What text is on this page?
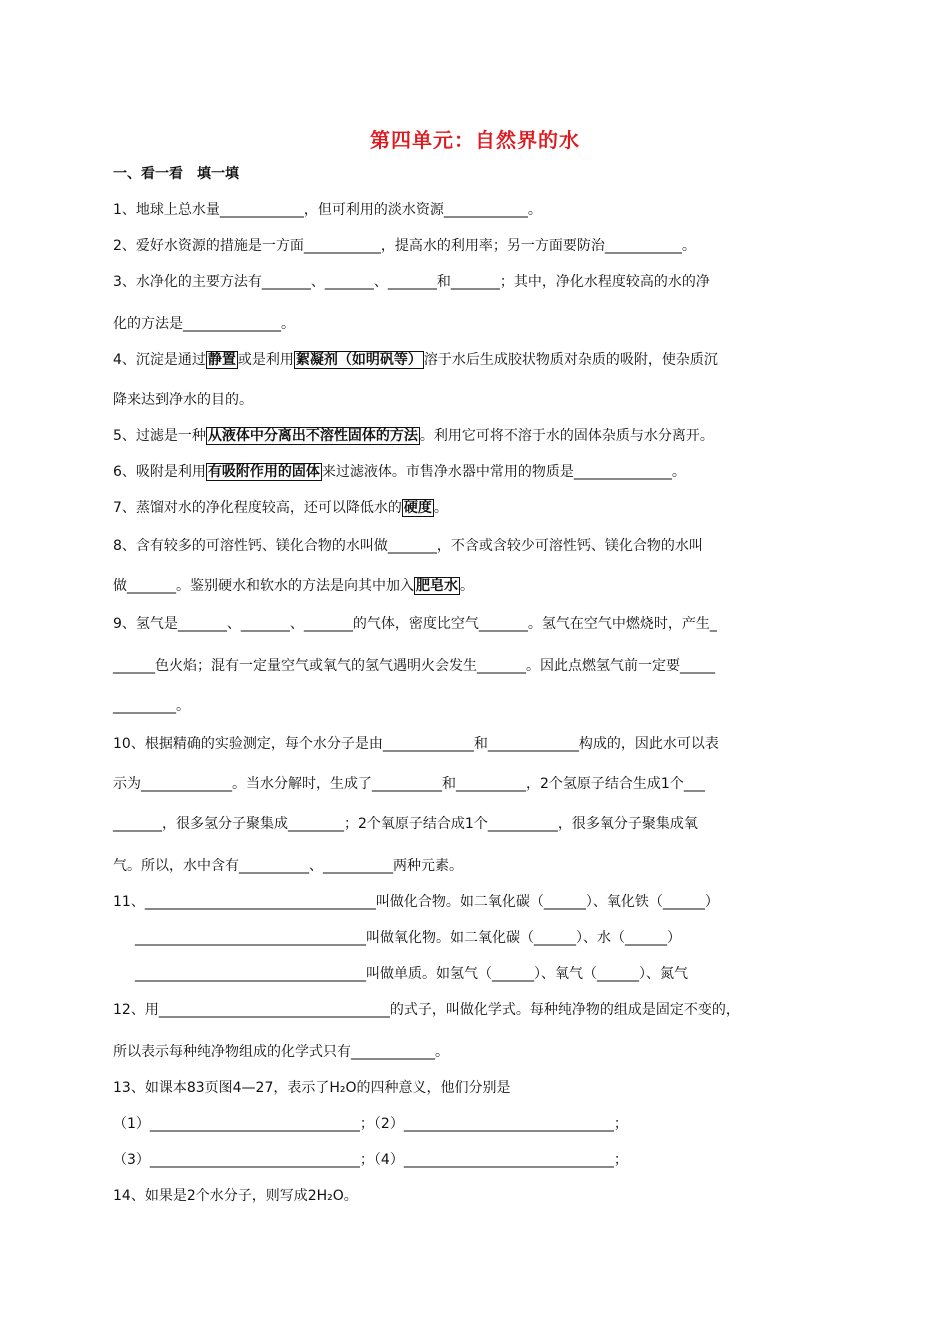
第四单元：自然界的水
一、看一看　填一填
1、地球上总水量____________，但可利用的淡水资源____________。
2、爱好水资源的措施是一方面___________，提高水的利用率；另一方面要防治___________。
3、水净化的主要方法有_______、_______、_______和_______；其中，净化水程度较高的水的净
化的方法是______________。
4、沉淀是通过 静置 或是利用 絮凝剂（如明矾等） 溶于水后生成胶状物质对杂质的吸附，使杂质沉
降来达到净水的目的。
5、过滤是一种 从液体中分离出不溶性固体的方法 。利用它可将不溶于水的固体杂质与水分离开。
6、吸附是利用 有吸附作用的固体 来过滤液体。市售净水器中常用的物质是______________。
7、蒸馏对水的净化程度较高，还可以降低水的 硬度 。
8、含有较多的可溶性钙、镁化合物的水叫做_______，不含或含较少可溶性钙、镁化合物的水叫
做_______。鉴别硬水和软水的方法是向其中加入 肥皂水 。
9、氢气是_______、_______、_______的气体，密度比空气_______。氢气在空气中燃烧时，产生_
______色火焰；混有一定量空气或氧气的氢气遇明火会发生_______。因此点燃氢气前一定要_____
_________。
10、根据精确的实验测定，每个水分子是由_____________和_____________构成的，因此水可以表
示为_____________。当水分解时，生成了__________和__________，2个氢原子结合生成1个___
_______，很多氢分子聚集成________；2个氧原子结合成1个__________，很多氧分子聚集成氧
气。所以，水中含有__________、__________两种元素。
11、_________________________________叫做化合物。如二氧化碳（______）、氧化铁（______）
_________________________________叫做氧化物。如二氧化碳（______）、水（______）
_________________________________叫做单质。如氢气（______）、氧气（______）、氮气
12、用_________________________________的式子，叫做化学式。每种纯净物的组成是固定不变的，
所以表示每种纯净物组成的化学式只有____________。
13、如课本83页图4—27，表示了H₂O的四种意义，他们分别是
（1）______________________________；（2）______________________________；
（3）______________________________；（4）______________________________；
14、如果是2个水分子，则写成2H₂O。
